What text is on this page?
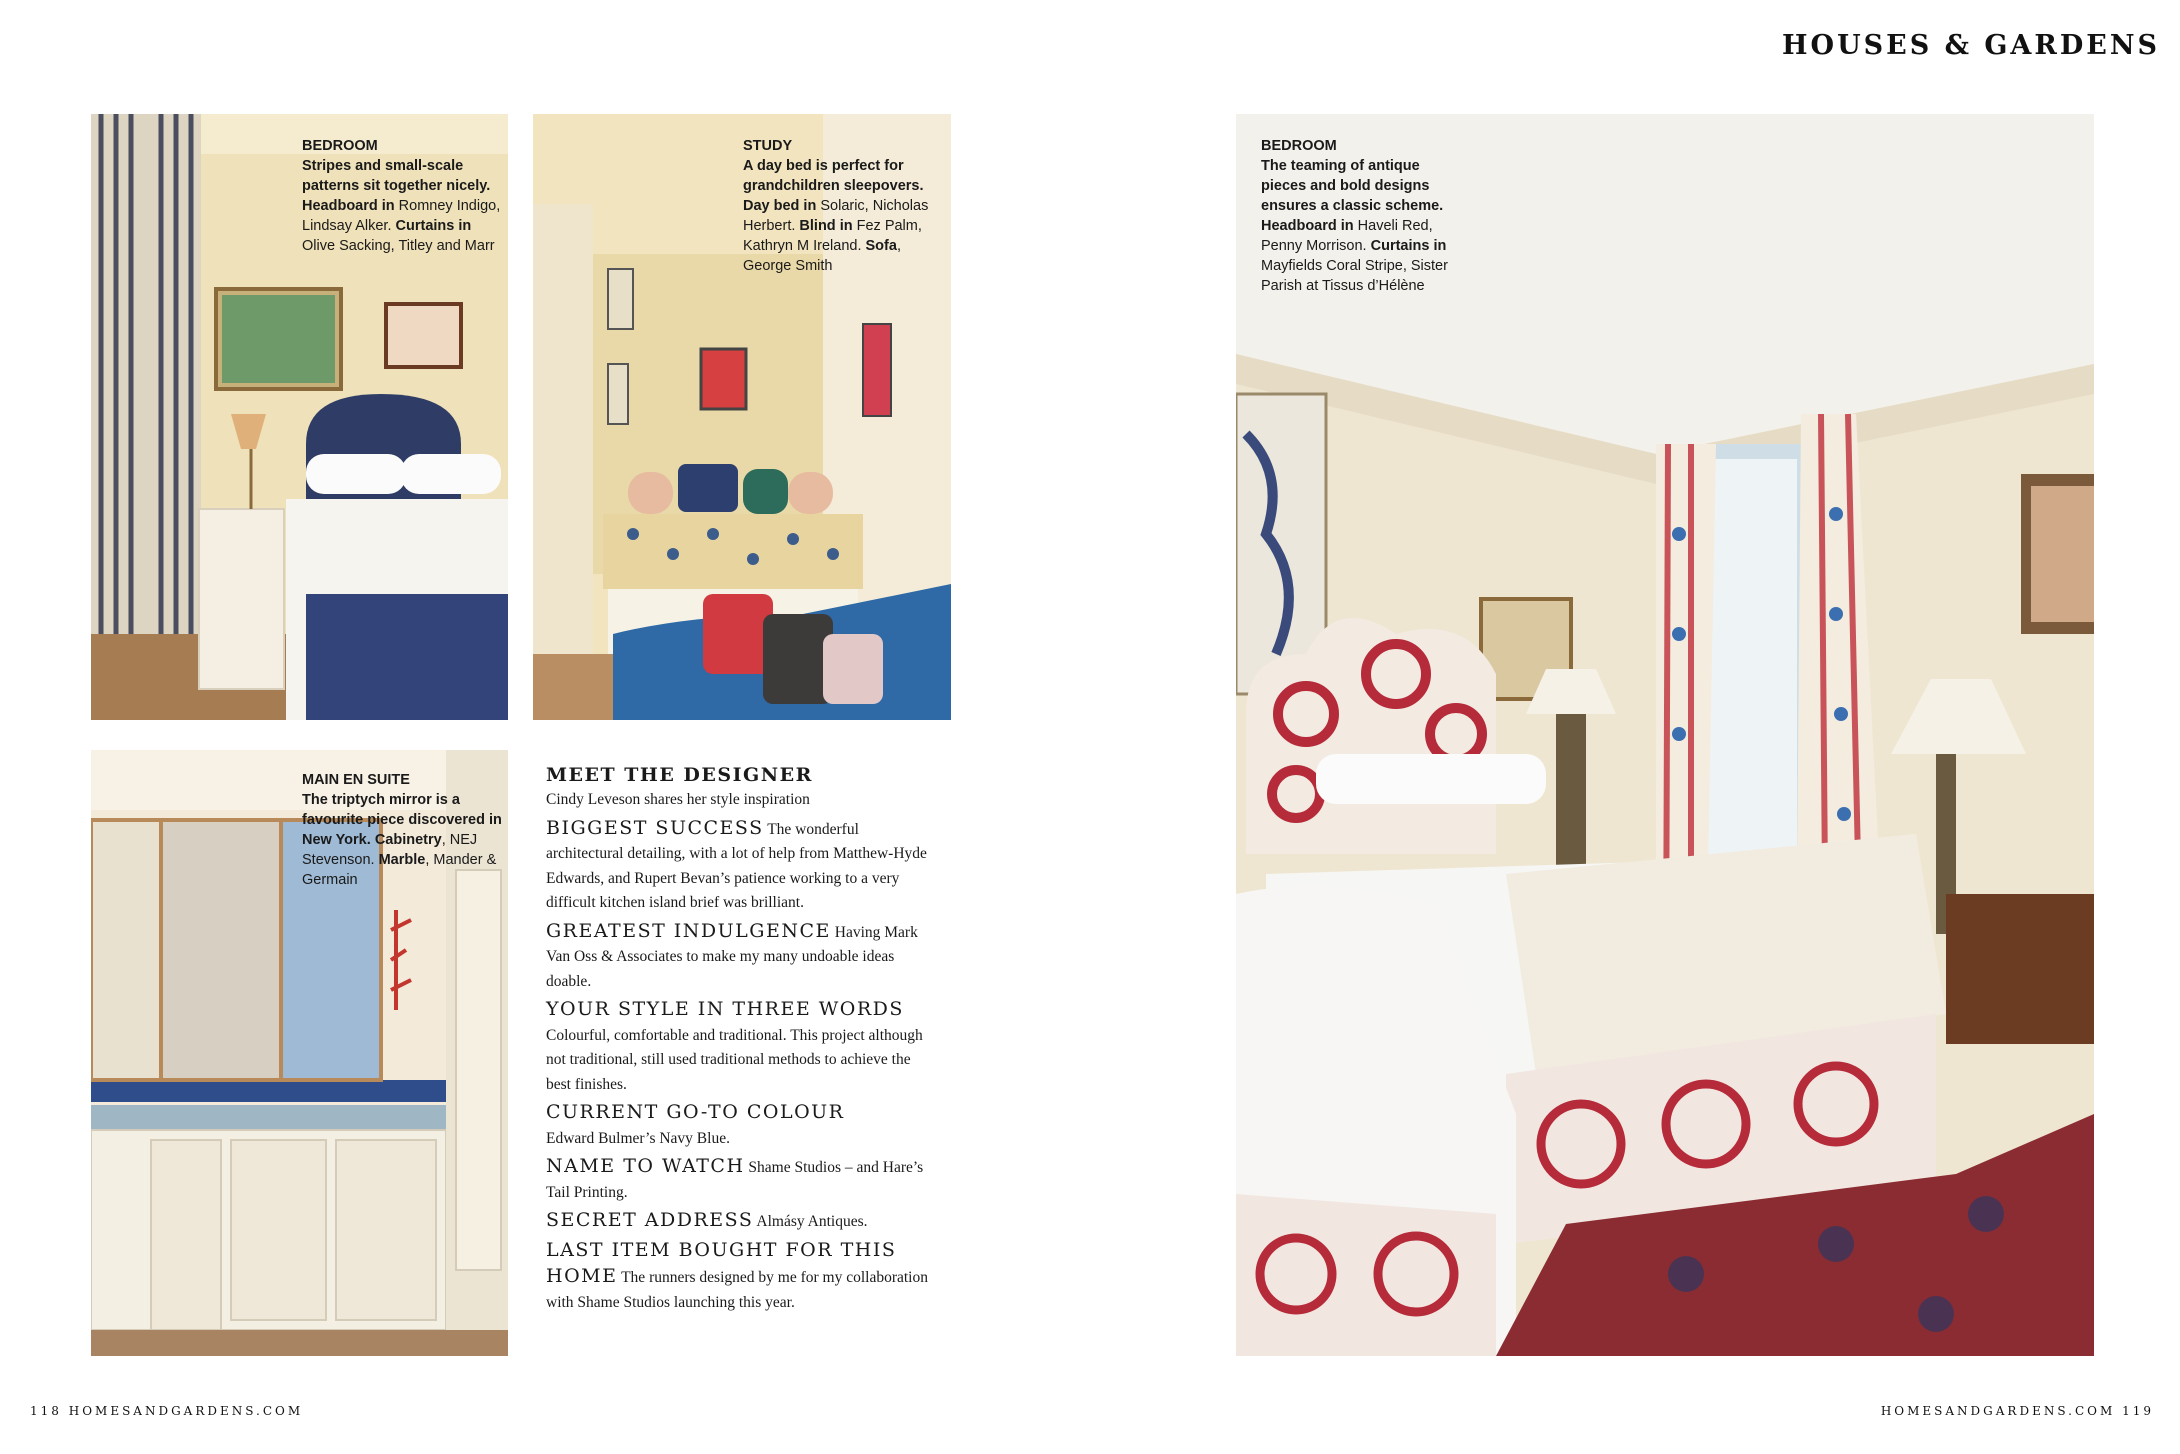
HOUSES & GARDENS
BEDROOM
Stripes and small-scale patterns sit together nicely. Headboard in Romney Indigo, Lindsay Alker. Curtains in Olive Sacking, Titley and Marr
STUDY
A day bed is perfect for grandchildren sleepovers. Day bed in Solaric, Nicholas Herbert. Blind in Fez Palm, Kathryn M Ireland. Sofa, George Smith
MAIN EN SUITE
The triptych mirror is a favourite piece discovered in New York. Cabinetry, NEJ Stevenson. Marble, Mander & Germain
MEET THE DESIGNER
Cindy Leveson shares her style inspiration

BIGGEST SUCCESS The wonderful architectural detailing, with a lot of help from Matthew-Hyde Edwards, and Rupert Bevan’s patience working to a very difficult kitchen island brief was brilliant.

GREATEST INDULGENCE Having Mark Van Oss & Associates to make my many undoable ideas doable.

YOUR STYLE IN THREE WORDS
Colourful, comfortable and traditional. This project although not traditional, still used traditional methods to achieve the best finishes.

CURRENT GO-TO COLOUR
Edward Bulmer’s Navy Blue.

NAME TO WATCH Shame Studios – and Hare’s Tail Printing.

SECRET ADDRESS Almásy Antiques.

LAST ITEM BOUGHT FOR THIS HOME The runners designed by me for my collaboration with Shame Studios launching this year.

BEDROOM
The teaming of antique pieces and bold designs ensures a classic scheme. Headboard in Haveli Red, Penny Morrison. Curtains in Mayfields Coral Stripe, Sister Parish at Tissus d’Hélène
118 HOMESANDGARDENS.COM	HOMESANDGARDENS.COM 119
